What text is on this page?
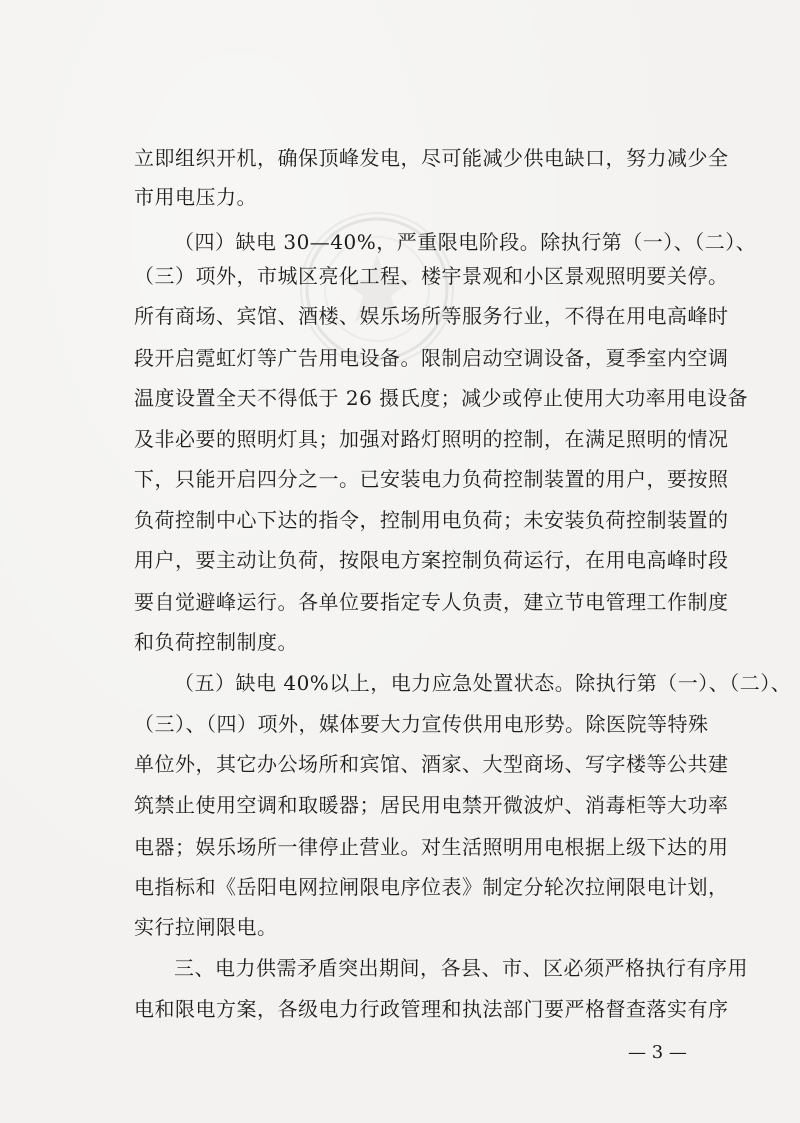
立即组织开机，确保顶峰发电，尽可能减少供电缺口，努力减少全
市用电压力。
（四）缺电 30—40%，严重限电阶段。除执行第（一）、（二）、
（三）项外，市城区亮化工程、楼宇景观和小区景观照明要关停。
所有商场、宾馆、酒楼、娱乐场所等服务行业，不得在用电高峰时
段开启霓虹灯等广告用电设备。限制启动空调设备，夏季室内空调
温度设置全天不得低于 26 摄氏度；减少或停止使用大功率用电设备
及非必要的照明灯具；加强对路灯照明的控制，在满足照明的情况
下，只能开启四分之一。已安装电力负荷控制装置的用户，要按照
负荷控制中心下达的指令，控制用电负荷；未安装负荷控制装置的
用户，要主动让负荷，按限电方案控制负荷运行，在用电高峰时段
要自觉避峰运行。各单位要指定专人负责，建立节电管理工作制度
和负荷控制制度。
（五）缺电 40%以上，电力应急处置状态。除执行第（一）、（二）、
（三）、（四）项外，媒体要大力宣传供用电形势。除医院等特殊
单位外，其它办公场所和宾馆、酒家、大型商场、写字楼等公共建
筑禁止使用空调和取暖器；居民用电禁开微波炉、消毒柜等大功率
电器；娱乐场所一律停止营业。对生活照明用电根据上级下达的用
电指标和《岳阳电网拉闸限电序位表》制定分轮次拉闸限电计划，
实行拉闸限电。
三、电力供需矛盾突出期间，各县、市、区必须严格执行有序用
电和限电方案，各级电力行政管理和执法部门要严格督查落实有序
— 3 —
